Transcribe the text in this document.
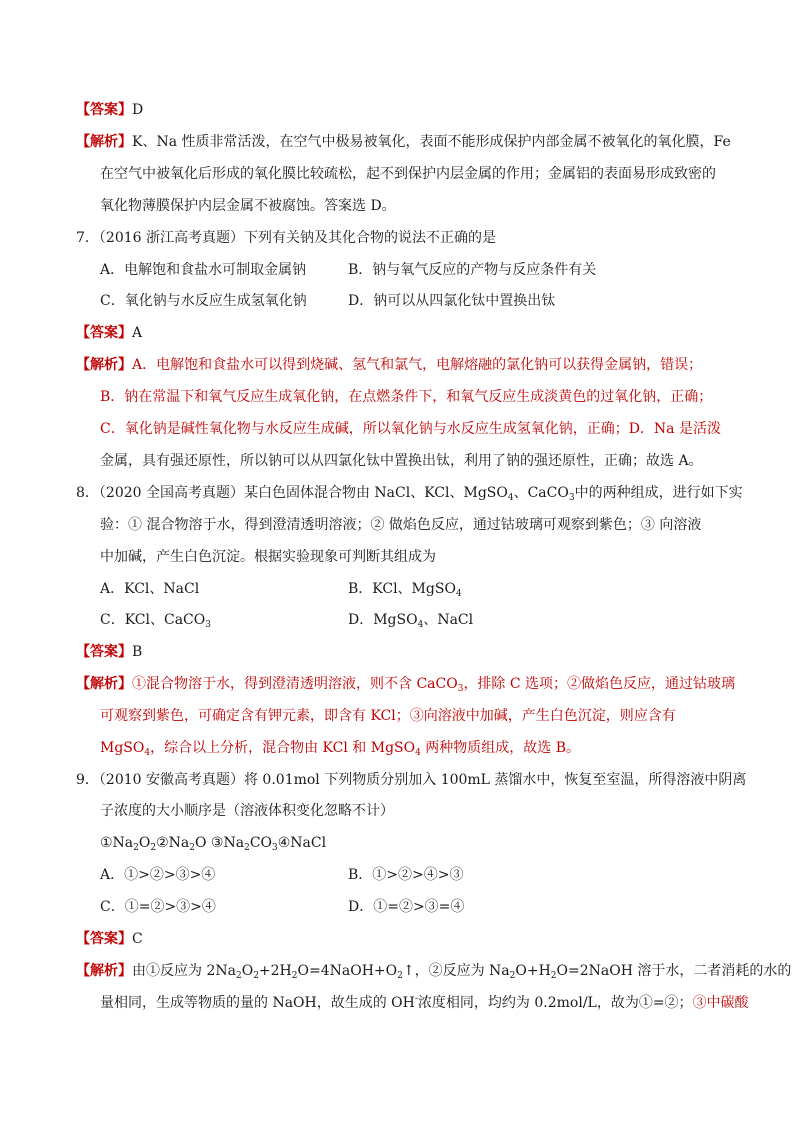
【答案】D
【解析】K、Na 性质非常活泼，在空气中极易被氧化，表面不能形成保护内部金属不被氧化的氧化膜，Fe
在空气中被氧化后形成的氧化膜比较疏松，起不到保护内层金属的作用；金属铝的表面易形成致密的
氧化物薄膜保护内层金属不被腐蚀。答案选 D。
7．（2016 浙江高考真题）下列有关钠及其化合物的说法不正确的是
A．电解饱和食盐水可制取金属钠	B．钠与氧气反应的产物与反应条件有关
C．氧化钠与水反应生成氢氧化钠	D．钠可以从四氯化钛中置换出钛
【答案】A
【解析】A．电解饱和食盐水可以得到烧碱、氢气和氯气，电解熔融的氯化钠可以获得金属钠，错误；
B．钠在常温下和氧气反应生成氧化钠，在点燃条件下，和氧气反应生成淡黄色的过氧化钠，正确；
C．氧化钠是碱性氧化物与水反应生成碱，所以氧化钠与水反应生成氢氧化钠，正确；D．Na 是活泼
金属，具有强还原性，所以钠可以从四氯化钛中置换出钛，利用了钠的强还原性，正确；故选 A。
8．（2020 全国高考真题）某白色固体混合物由 NaCl、KCl、MgSO$_4$、CaCO$_3$中的两种组成，进行如下实
验：① 混合物溶于水，得到澄清透明溶液；② 做焰色反应，通过钴玻璃可观察到紫色；③ 向溶液
中加碱，产生白色沉淀。根据实验现象可判断其组成为
A．KCl、NaCl	B．KCl、MgSO$_4$
C．KCl、CaCO$_3$	D．MgSO$_4$、NaCl
【答案】B
【解析】①混合物溶于水，得到澄清透明溶液，则不含 CaCO$_3$，排除 C 选项；②做焰色反应，通过钴玻璃
可观察到紫色，可确定含有钾元素，即含有 KCl；③向溶液中加碱，产生白色沉淀，则应含有
MgSO$_4$，综合以上分析，混合物由 KCl 和 MgSO$_4$ 两种物质组成，故选 B。
9．（2010 安徽高考真题）将 0.01mol 下列物质分别加入 100mL 蒸馏水中，恢复至室温，所得溶液中阴离
子浓度的大小顺序是（溶液体积变化忽略不计）
$①Na_2O_2②Na_2O$ $③Na_2CO_3④NaCl$
A．①>②>③>④	B．①>②>④>③
C．①=②>③>④	D．①=②>③=④
【答案】C
【解析】由①反应为 $2Na_2O_2+2H_2O=4NaOH+O_2↑$，②反应为 $Na_2O+H_2O=2NaOH$ 溶于水，二者消耗的水的
量相同，生成等物质的量的 NaOH，故生成的 OH-浓度相同，均约为 0.2mol/L，故为①=②；③中碳酸
